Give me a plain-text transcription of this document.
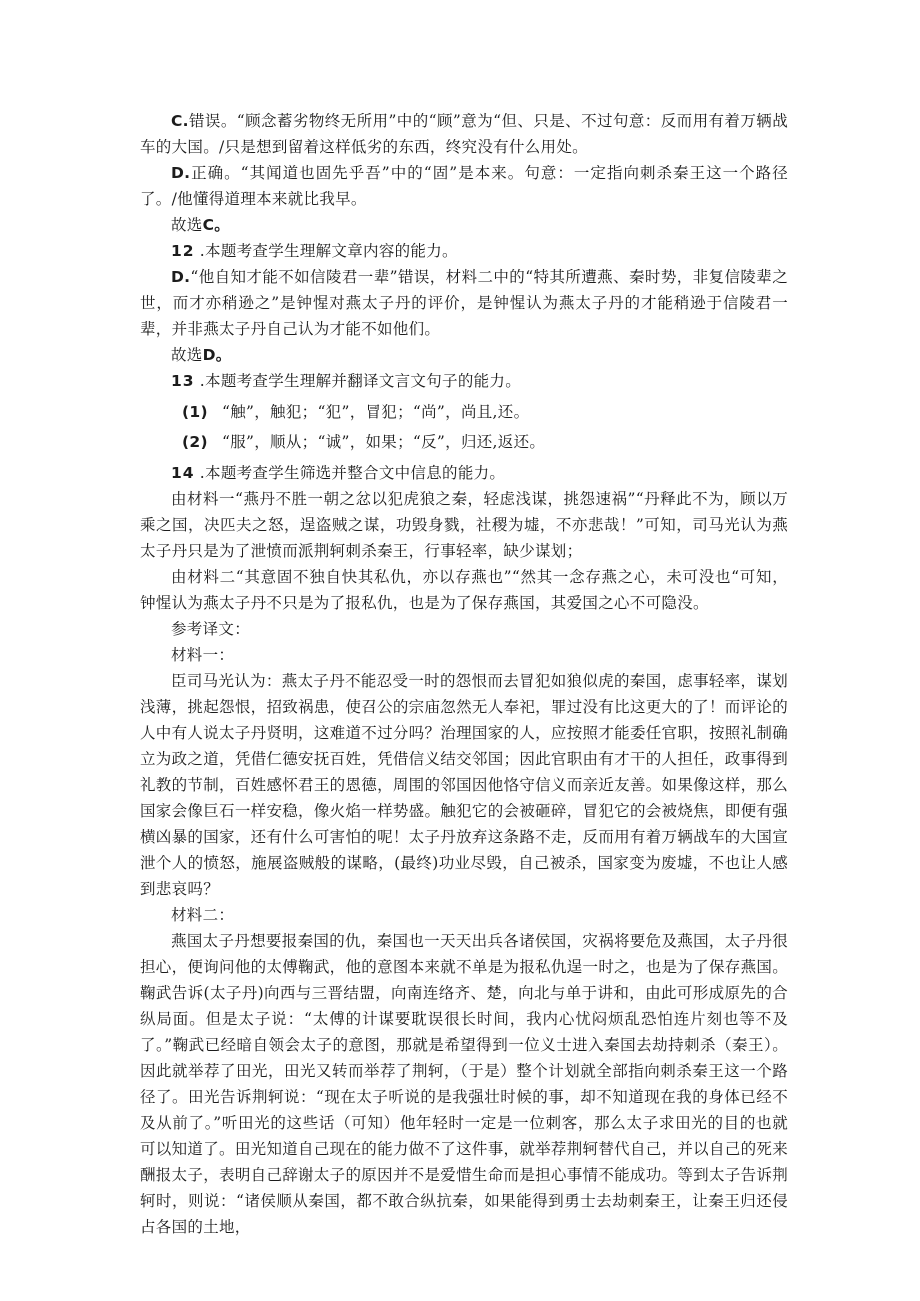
C.错误。“顾念蓄劣物终无所用”中的“顾”意为“但、只是、不过句意：反而用有着万辆战车的大国。/只是想到留着这样低劣的东西，终究没有什么用处。

D.正确。“其闻道也固先乎吾”中的“固”是本来。句意：一定指向刺杀秦王这一个路径了。/他懂得道理本来就比我早。

故选C。

12 .本题考查学生理解文章内容的能力。

D.“他自知才能不如信陵君一辈”错误，材料二中的“特其所遭燕、秦时势，非复信陵辈之世，而才亦稍逊之”是钟惺对燕太子丹的评价，是钟惺认为燕太子丹的才能稍逊于信陵君一辈，并非燕太子丹自己认为才能不如他们。

故选D。

13 .本题考查学生理解并翻译文言文句子的能力。

(1) “触”，触犯；“犯”，冒犯；“尚”，尚且,还。
(2) “服”，顺从；“诚”，如果；“反”，归还,返还。

14 .本题考查学生筛选并整合文中信息的能力。

由材料一“燕丹不胜一朝之忿以犯虎狼之秦，轻虑浅谋，挑怨速祸”“丹释此不为，顾以万乘之国，决匹夫之怒，逞盗贼之谋，功毁身戮，社稷为墟，不亦悲哉！”可知，司马光认为燕太子丹只是为了泄愤而派荆轲刺杀秦王，行事轻率，缺少谋划；

由材料二“其意固不独自快其私仇，亦以存燕也”“然其一念存燕之心，未可没也“可知，钟惺认为燕太子丹不只是为了报私仇，也是为了保存燕国，其爱国之心不可隐没。

参考译文：

材料一：

臣司马光认为：燕太子丹不能忍受一时的怨恨而去冒犯如狼似虎的秦国，虑事轻率，谋划浅薄，挑起怨恨，招致祸患，使召公的宗庙忽然无人奉祀，罪过没有比这更大的了！而评论的人中有人说太子丹贤明，这难道不过分吗？治理国家的人，应按照才能委任官职，按照礼制确立为政之道，凭借仁德安抚百姓，凭借信义结交邻国；因此官职由有才干的人担任，政事得到礼教的节制，百姓感怀君王的恩德，周围的邻国因他恪守信义而亲近友善。如果像这样，那么国家会像巨石一样安稳，像火焰一样势盛。触犯它的会被砸碎，冒犯它的会被烧焦，即便有强横凶暴的国家，还有什么可害怕的呢！太子丹放弃这条路不走，反而用有着万辆战车的大国宣泄个人的愤怒，施展盗贼般的谋略，(最终)功业尽毁，自己被杀，国家变为废墟，不也让人感到悲哀吗？

材料二：

燕国太子丹想要报秦国的仇，秦国也一天天出兵各诸侯国，灾祸将要危及燕国，太子丹很担心，便询问他的太傅鞠武，他的意图本来就不单是为报私仇逞一时之，也是为了保存燕国。鞠武告诉(太子丹)向西与三晋结盟，向南连络齐、楚，向北与单于讲和，由此可形成原先的合纵局面。但是太子说：“太傅的计谋要耽误很长时间，我内心忧闷烦乱恐怕连片刻也等不及了。”鞠武已经暗自领会太子的意图，那就是希望得到一位义士进入秦国去劫持刺杀（秦王）。因此就举荐了田光，田光又转而举荐了荆轲，（于是）整个计划就全部指向刺杀秦王这一个路径了。田光告诉荆轲说：“现在太子听说的是我强壮时候的事，却不知道现在我的身体已经不及从前了。”听田光的这些话（可知）他年轻时一定是一位刺客，那么太子求田光的目的也就可以知道了。田光知道自己现在的能力做不了这件事，就举荐荆轲替代自己，并以自己的死来酬报太子，表明自己辞谢太子的原因并不是爱惜生命而是担心事情不能成功。等到太子告诉荆轲时，则说：“诸侯顺从秦国，都不敢合纵抗秦，如果能得到勇士去劫刺秦王，让秦王归还侵占各国的土地，
